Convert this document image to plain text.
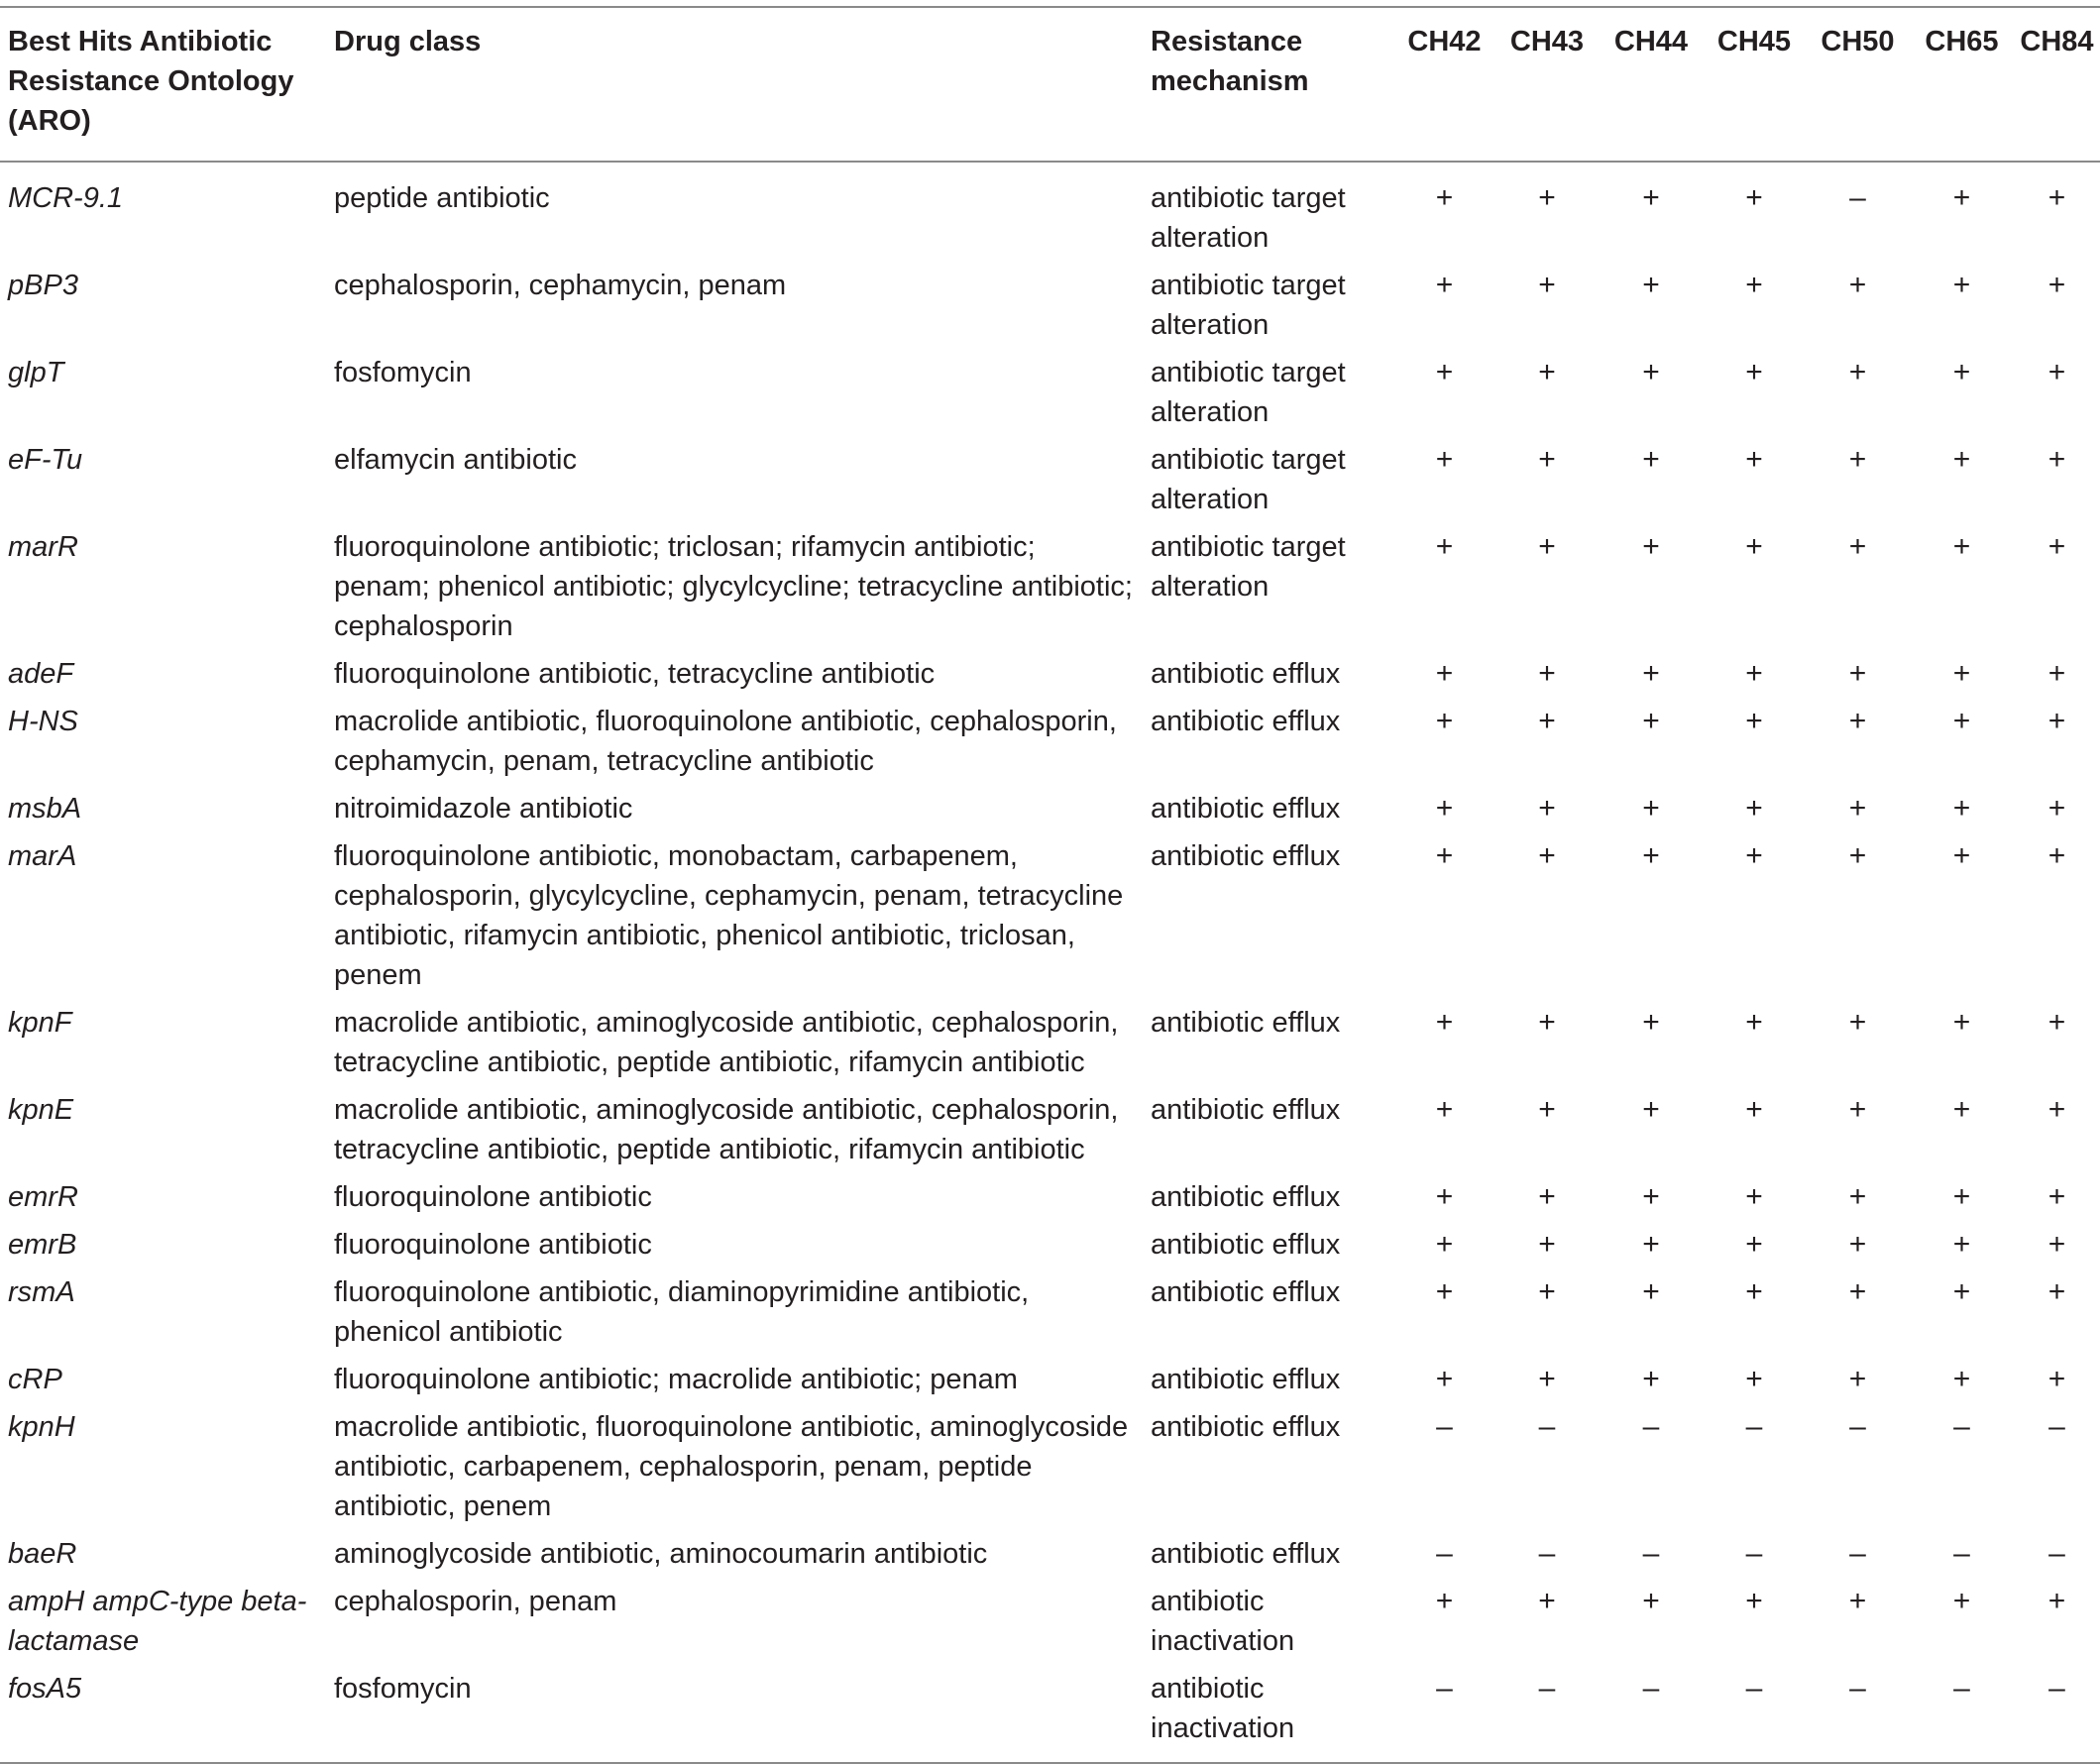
Best Hits Antibiotic Resistance Ontology (ARO)	Drug class	Resistance mechanism	CH42	CH43	CH44	CH45	CH50	CH65	CH84
MCR-9.1	peptide antibiotic	antibiotic target alteration	+	+	+	+	–	+	+
pBP3	cephalosporin, cephamycin, penam	antibiotic target alteration	+	+	+	+	+	+	+
glpT	fosfomycin	antibiotic target alteration	+	+	+	+	+	+	+
eF-Tu	elfamycin antibiotic	antibiotic target alteration	+	+	+	+	+	+	+
marR	fluoroquinolone antibiotic; triclosan; rifamycin antibiotic; penam; phenicol antibiotic; glycylcycline; tetracycline antibiotic; cephalosporin	antibiotic target alteration	+	+	+	+	+	+	+
adeF	fluoroquinolone antibiotic, tetracycline antibiotic	antibiotic efflux	+	+	+	+	+	+	+
H-NS	macrolide antibiotic, fluoroquinolone antibiotic, cephalosporin, cephamycin, penam, tetracycline antibiotic	antibiotic efflux	+	+	+	+	+	+	+
msbA	nitroimidazole antibiotic	antibiotic efflux	+	+	+	+	+	+	+
marA	fluoroquinolone antibiotic, monobactam, carbapenem, cephalosporin, glycylcycline, cephamycin, penam, tetracycline antibiotic, rifamycin antibiotic, phenicol antibiotic, triclosan, penem	antibiotic efflux	+	+	+	+	+	+	+
kpnF	macrolide antibiotic, aminoglycoside antibiotic, cephalosporin, tetracycline antibiotic, peptide antibiotic, rifamycin antibiotic	antibiotic efflux	+	+	+	+	+	+	+
kpnE	macrolide antibiotic, aminoglycoside antibiotic, cephalosporin, tetracycline antibiotic, peptide antibiotic, rifamycin antibiotic	antibiotic efflux	+	+	+	+	+	+	+
emrR	fluoroquinolone antibiotic	antibiotic efflux	+	+	+	+	+	+	+
emrB	fluoroquinolone antibiotic	antibiotic efflux	+	+	+	+	+	+	+
rsmA	fluoroquinolone antibiotic, diaminopyrimidine antibiotic, phenicol antibiotic	antibiotic efflux	+	+	+	+	+	+	+
cRP	fluoroquinolone antibiotic; macrolide antibiotic; penam	antibiotic efflux	+	+	+	+	+	+	+
kpnH	macrolide antibiotic, fluoroquinolone antibiotic, aminoglycoside antibiotic, carbapenem, cephalosporin, penam, peptide antibiotic, penem	antibiotic efflux	–	–	–	–	–	–	–
baeR	aminoglycoside antibiotic, aminocoumarin antibiotic	antibiotic efflux	–	–	–	–	–	–	–
ampH ampC-type beta-lactamase	cephalosporin, penam	antibiotic inactivation	+	+	+	+	+	+	+
fosA5	fosfomycin	antibiotic inactivation	–	–	–	–	–	–	–
